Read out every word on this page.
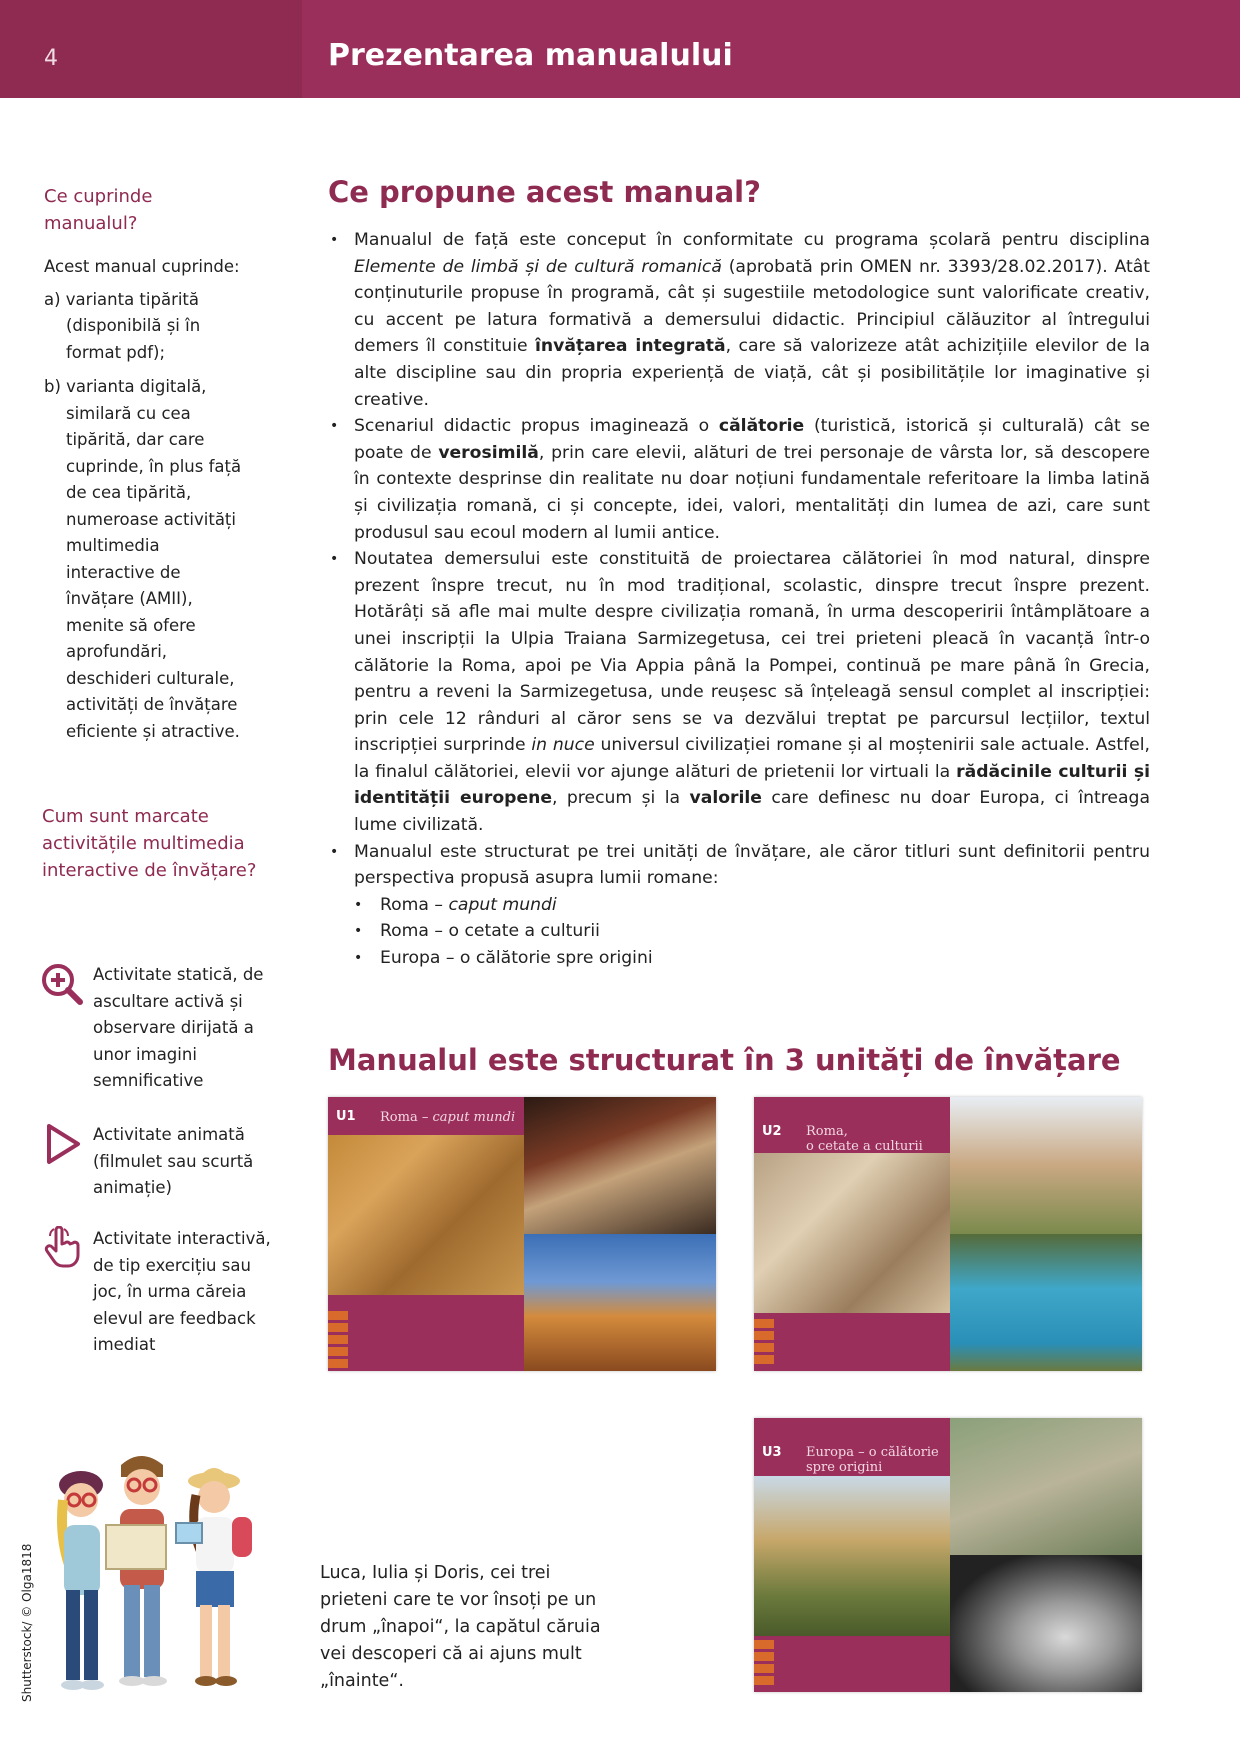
4	Prezentarea manualului
Ce cuprinde manualul?
Acest manual cuprinde:
a) varianta tipărită (disponibilă și în format pdf);
b) varianta digitală, similară cu cea tipărită, dar care cuprinde, în plus față de cea tipărită, numeroase activități multimedia interactive de învățare (AMII), menite să ofere aprofundări, deschideri culturale, activități de învățare eficiente și atractive.
Cum sunt marcate activitățile multimedia interactive de învățare?
Activitate statică, de ascultare activă și observare dirijată a unor imagini semnificative
Activitate animată (filmulet sau scurtă animație)
Activitate interactivă, de tip exercițiu sau joc, în urma căreia elevul are feedback imediat
Ce propune acest manual?
• Manualul de față este conceput în conformitate cu programa școlară pentru disciplina Elemente de limbă și de cultură romanică (aprobată prin OMEN nr. 3393/28.02.2017). Atât conținuturile propuse în programă, cât și sugestiile metodologice sunt valorificate creativ, cu accent pe latura formativă a demersului didactic. Principiul călăuzitor al întregului demers îl constituie învățarea integrată, care să valorizeze atât achizițiile elevilor de la alte discipline sau din propria experiență de viață, cât și posibilitățile lor imaginative și creative.
• Scenariul didactic propus imaginează o călătorie (turistică, istorică și culturală) cât se poate de verosimilă, prin care elevii, alături de trei personaje de vârsta lor, să descopere în contexte desprinse din realitate nu doar noțiuni fundamentale referitoare la limba latină și civilizația romană, ci și concepte, idei, valori, mentalități din lumea de azi, care sunt produsul sau ecoul modern al lumii antice.
• Noutatea demersului este constituită de proiectarea călătoriei în mod natural, dinspre prezent înspre trecut, nu în mod tradițional, scolastic, dinspre trecut înspre prezent. Hotărâți să afle mai multe despre civilizația romană, în urma descoperirii întâmplătoare a unei inscripții la Ulpia Traiana Sarmizegetusa, cei trei prieteni pleacă în vacanță într-o călătorie la Roma, apoi pe Via Appia până la Pompei, continuă pe mare până în Grecia, pentru a reveni la Sarmizegetusa, unde reușesc să înțeleagă sensul complet al inscripției: prin cele 12 rânduri al căror sens se va dezvălui treptat pe parcursul lecțiilor, textul inscripției surprinde in nuce universul civilizației romane și al moștenirii sale actuale. Astfel, la finalul călătoriei, elevii vor ajunge alături de prietenii lor virtuali la rădăcinile culturii și identității europene, precum și la valorile care definesc nu doar Europa, ci întreaga lume civilizată.
• Manualul este structurat pe trei unități de învățare, ale căror titluri sunt definitorii pentru perspectiva propusă asupra lumii romane:
• Roma – caput mundi
• Roma – o cetate a culturii
• Europa – o călătorie spre origini
Manualul este structurat în 3 unități de învățare
U1 Roma – caput mundi
U2 Roma,
o cetate a culturii
U3 Europa – o călătorie
spre origini
Shutterstock/ © Olga1818	Luca, Iulia și Doris, cei trei prieteni care te vor însoți pe un drum „înapoi“, la capătul căruia vei descoperi că ai ajuns mult „înainte“.
